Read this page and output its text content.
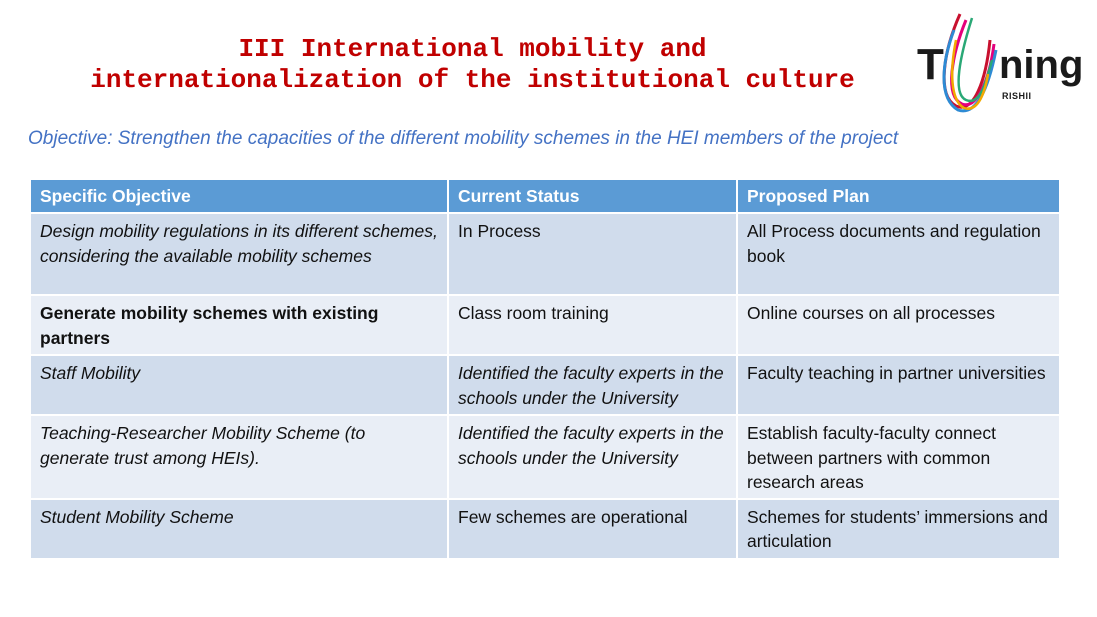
III International mobility and
internationalization of the institutional culture	T ning
RISHII

Objective: Strengthen the capacities of the different mobility schemes in the HEI members of the project

Specific Objective	Current Status	Proposed Plan
Design mobility regulations in its different schemes, considering the available mobility schemes	In Process	All Process documents and regulation book
Generate mobility schemes with existing partners	Class room training	Online courses on all processes
Staff Mobility	Identified the faculty experts in the schools under the University	Faculty teaching in partner universities
Teaching-Researcher Mobility Scheme (to generate trust among HEIs).	Identified the faculty experts in the schools under the University	Establish faculty-faculty connect between partners with common research areas
Student Mobility Scheme	Few schemes are operational	Schemes for students’ immersions and articulation
